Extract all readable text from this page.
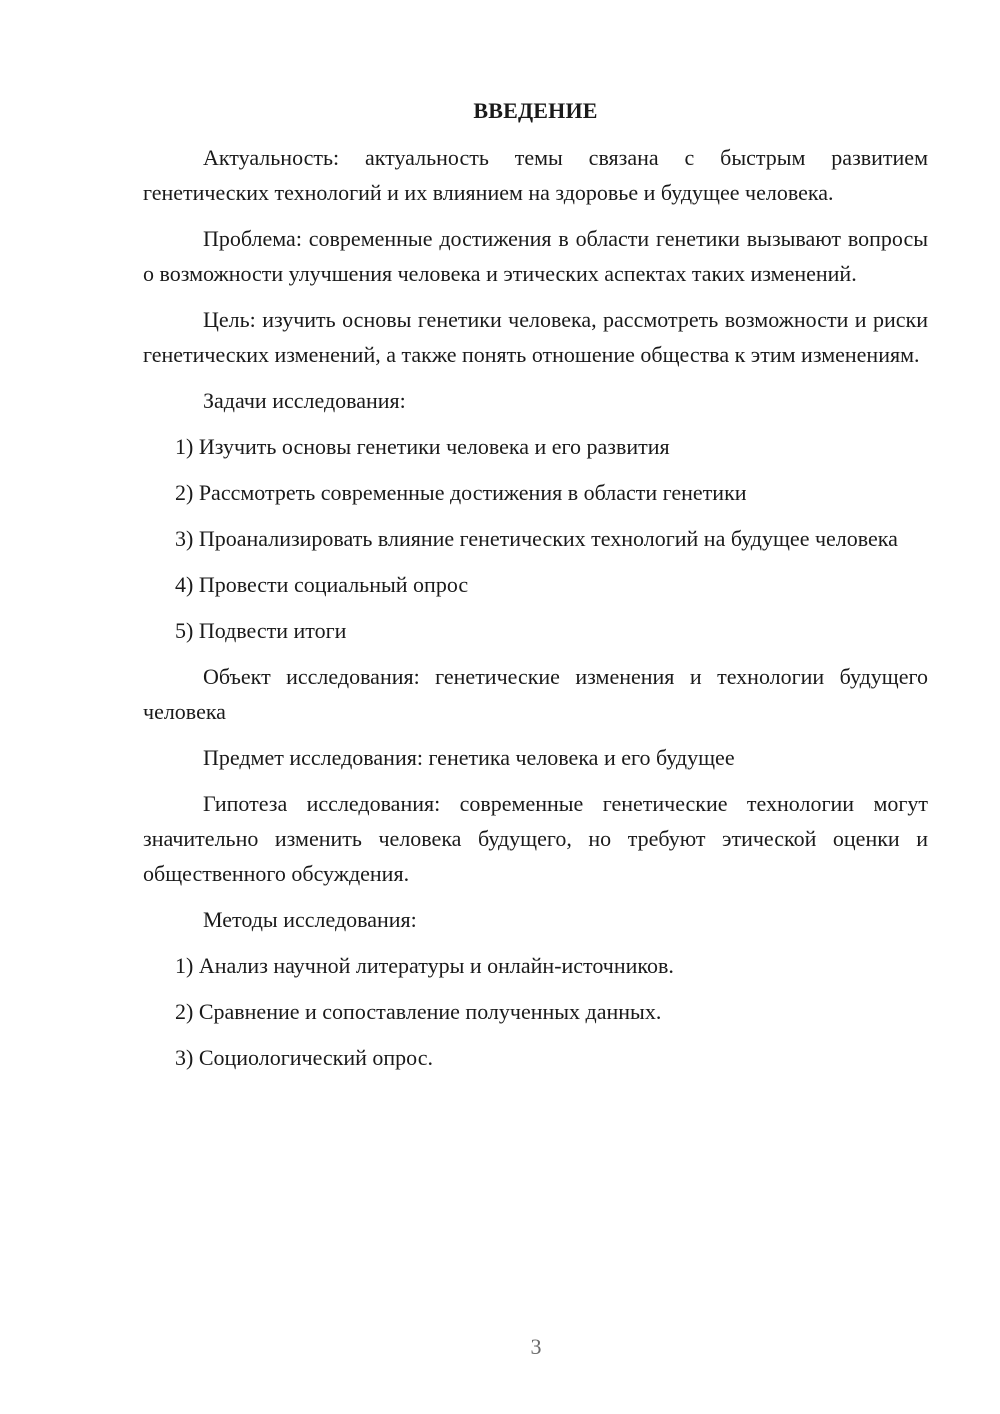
ВВЕДЕНИЕ

Актуальность: актуальность темы связана с быстрым развитием генетических технологий и их влиянием на здоровье и будущее человека.

Проблема: современные достижения в области генетики вызывают вопросы о возможности улучшения человека и этических аспектах таких изменений.

Цель: изучить основы генетики человека, рассмотреть возможности и риски генетических изменений, а также понять отношение общества к этим изменениям.

Задачи исследования:

1) Изучить основы генетики человека и его развития

2) Рассмотреть современные достижения в области генетики

3) Проанализировать влияние генетических технологий на будущее человека

4) Провести социальный опрос

5) Подвести итоги

Объект исследования: генетические изменения и технологии будущего человека

Предмет исследования: генетика человека и его будущее

Гипотеза исследования: современные генетические технологии могут значительно изменить человека будущего, но требуют этической оценки и общественного обсуждения.

Методы исследования:

1) Анализ научной литературы и онлайн-источников.

2) Сравнение и сопоставление полученных данных.

3) Социологический опрос.

3
